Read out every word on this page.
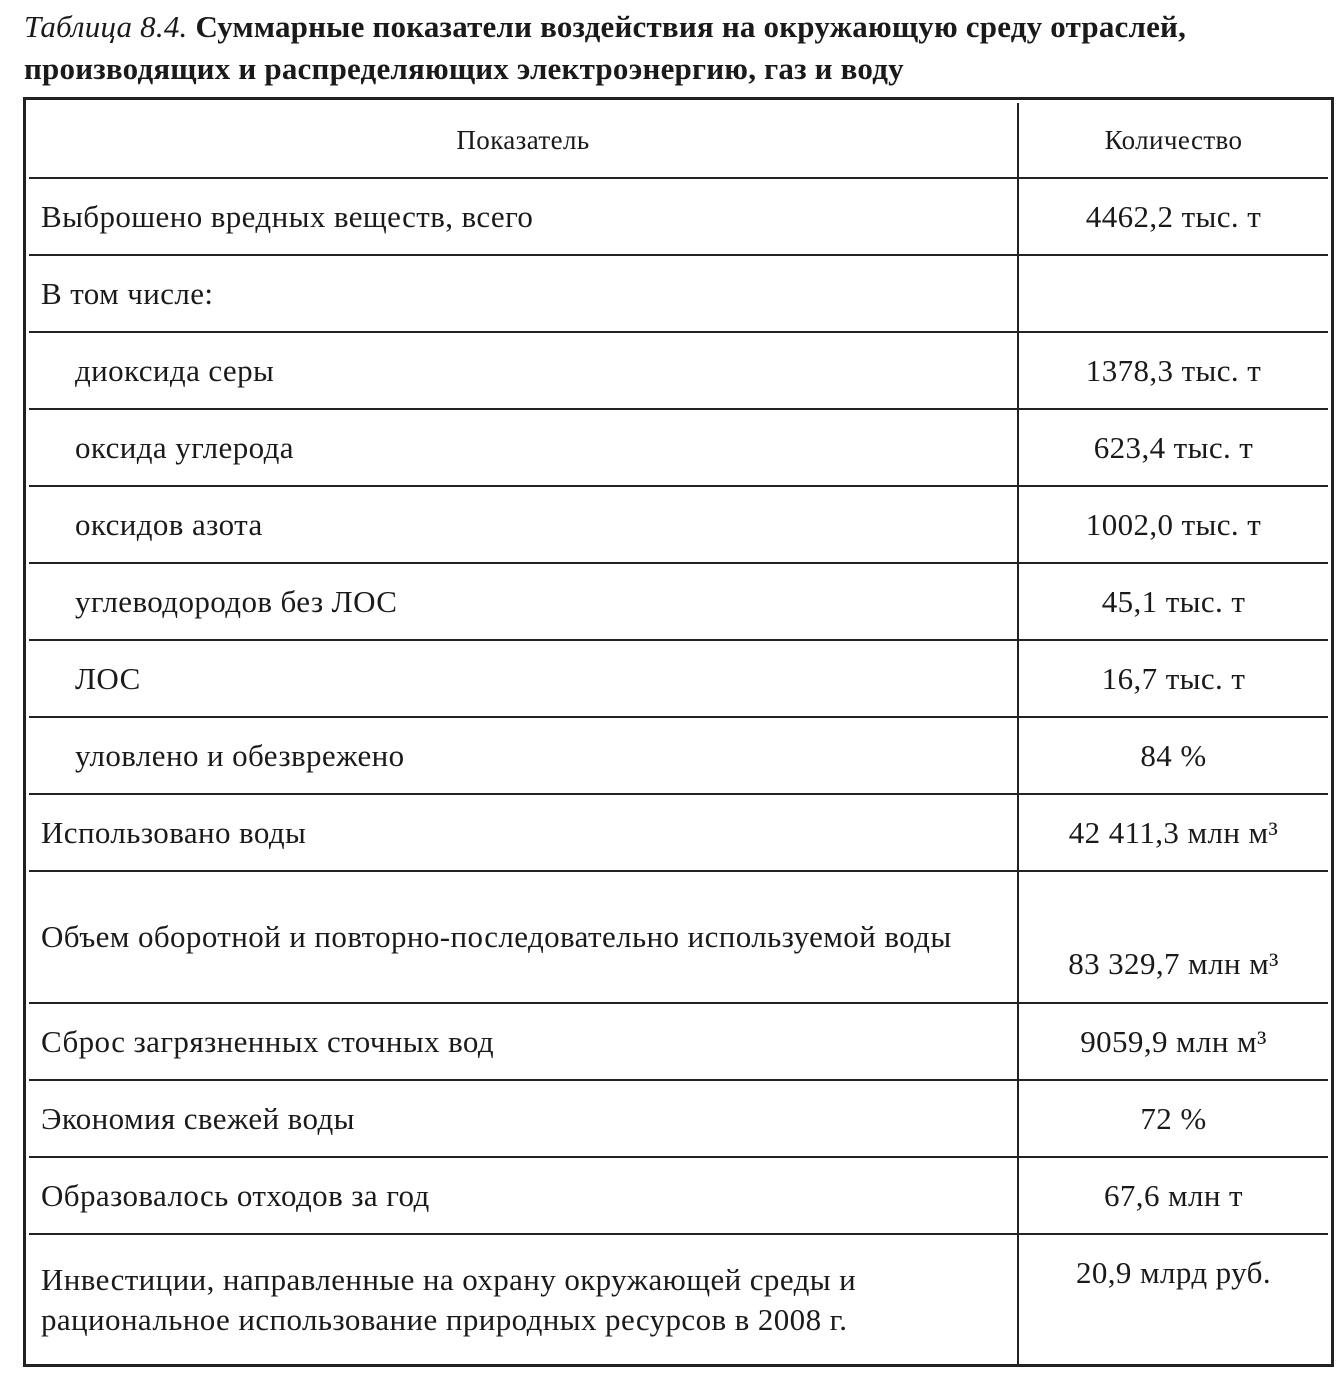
Таблица 8.4. Суммарные показатели воздействия на окружающую среду отраслей, производящих и распределяющих электроэнергию, газ и воду
Показатель	Количество
Выброшено вредных веществ, всего	4462,2 тыс. т
В том числе:	
диоксида серы	1378,3 тыс. т
оксида углерода	623,4 тыс. т
оксидов азота	1002,0 тыс. т
углеводородов без ЛОС	45,1 тыс. т
ЛОС	16,7 тыс. т
уловлено и обезврежено	84 %
Использовано воды	42 411,3 млн м³
Объем оборотной и повторно-последовательно используемой воды	83 329,7 млн м³
Сброс загрязненных сточных вод	9059,9 млн м³
Экономия свежей воды	72 %
Образовалось отходов за год	67,6 млн т
Инвестиции, направленные на охрану окружающей среды и рациональное использование природных ресурсов в 2008 г.	20,9 млрд руб.
